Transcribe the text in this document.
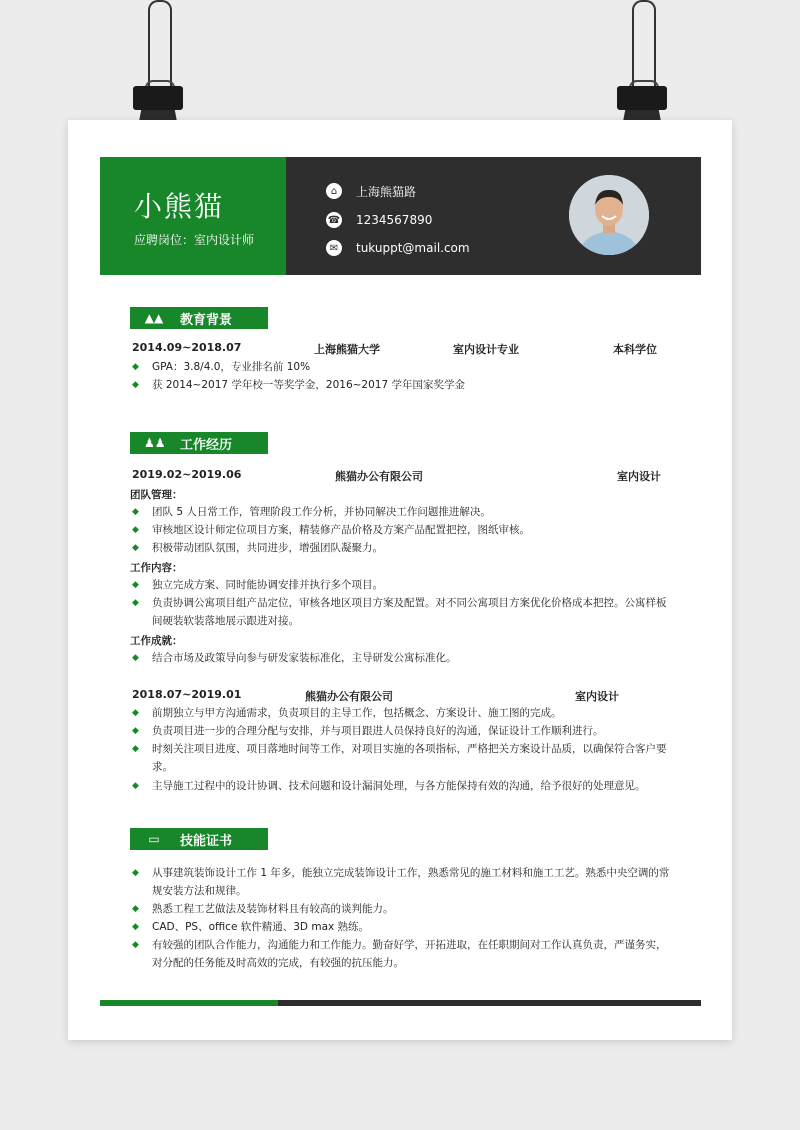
小熊猫
应聘岗位：室内设计师
⌂	上海熊猫路
☎ 1234567890
✉	tukuppt@mail.com
▲▲ 教育背景
2014.09~2018.07	上海熊猫大学	室内设计专业	本科学位
◆ GPA：3.8/4.0，专业排名前 10%
◆ 获 2014~2017 学年校一等奖学金，2016~2017 学年国家奖学金
♟♟ 工作经历
2019.02~2019.06	熊猫办公有限公司	室内设计
团队管理：
◆ 团队 5 人日常工作，管理阶段工作分析，并协同解决工作问题推进解决。
◆ 审核地区设计师定位项目方案，精装修产品价格及方案产品配置把控，图纸审核。
◆ 积极带动团队氛围，共同进步，增强团队凝聚力。
工作内容：
◆ 独立完成方案、同时能协调安排并执行多个项目。
◆ 负责协调公寓项目组产品定位，审核各地区项目方案及配置。对不同公寓项目方案优化价格成本把控。公寓样板间硬装软装落地展示跟进对接。
工作成就：
◆ 结合市场及政策导向参与研发家装标准化，主导研发公寓标准化。
2018.07~2019.01	熊猫办公有限公司	室内设计
◆ 前期独立与甲方沟通需求，负责项目的主导工作，包括概念、方案设计、施工图的完成。
◆ 负责项目进一步的合理分配与安排，并与项目跟进人员保持良好的沟通，保证设计工作顺利进行。
◆ 时刻关注项目进度、项目落地时间等工作，对项目实施的各项指标，严格把关方案设计品质，以确保符合客户要求。
◆ 主导施工过程中的设计协调、技术问题和设计漏洞处理，与各方能保持有效的沟通，给予很好的处理意见。
▭	技能证书
◆ 从事建筑装饰设计工作 1 年多，能独立完成装饰设计工作，熟悉常见的施工材料和施工工艺。熟悉中央空调的常规安装方法和规律。
◆ 熟悉工程工艺做法及装饰材料且有较高的谈判能力。
◆ CAD、PS、office 软件精通、3D max 熟练。
◆ 有较强的团队合作能力，沟通能力和工作能力。勤奋好学，开拓进取，在任职期间对工作认真负责，严谨务实，对分配的任务能及时高效的完成，有较强的抗压能力。
